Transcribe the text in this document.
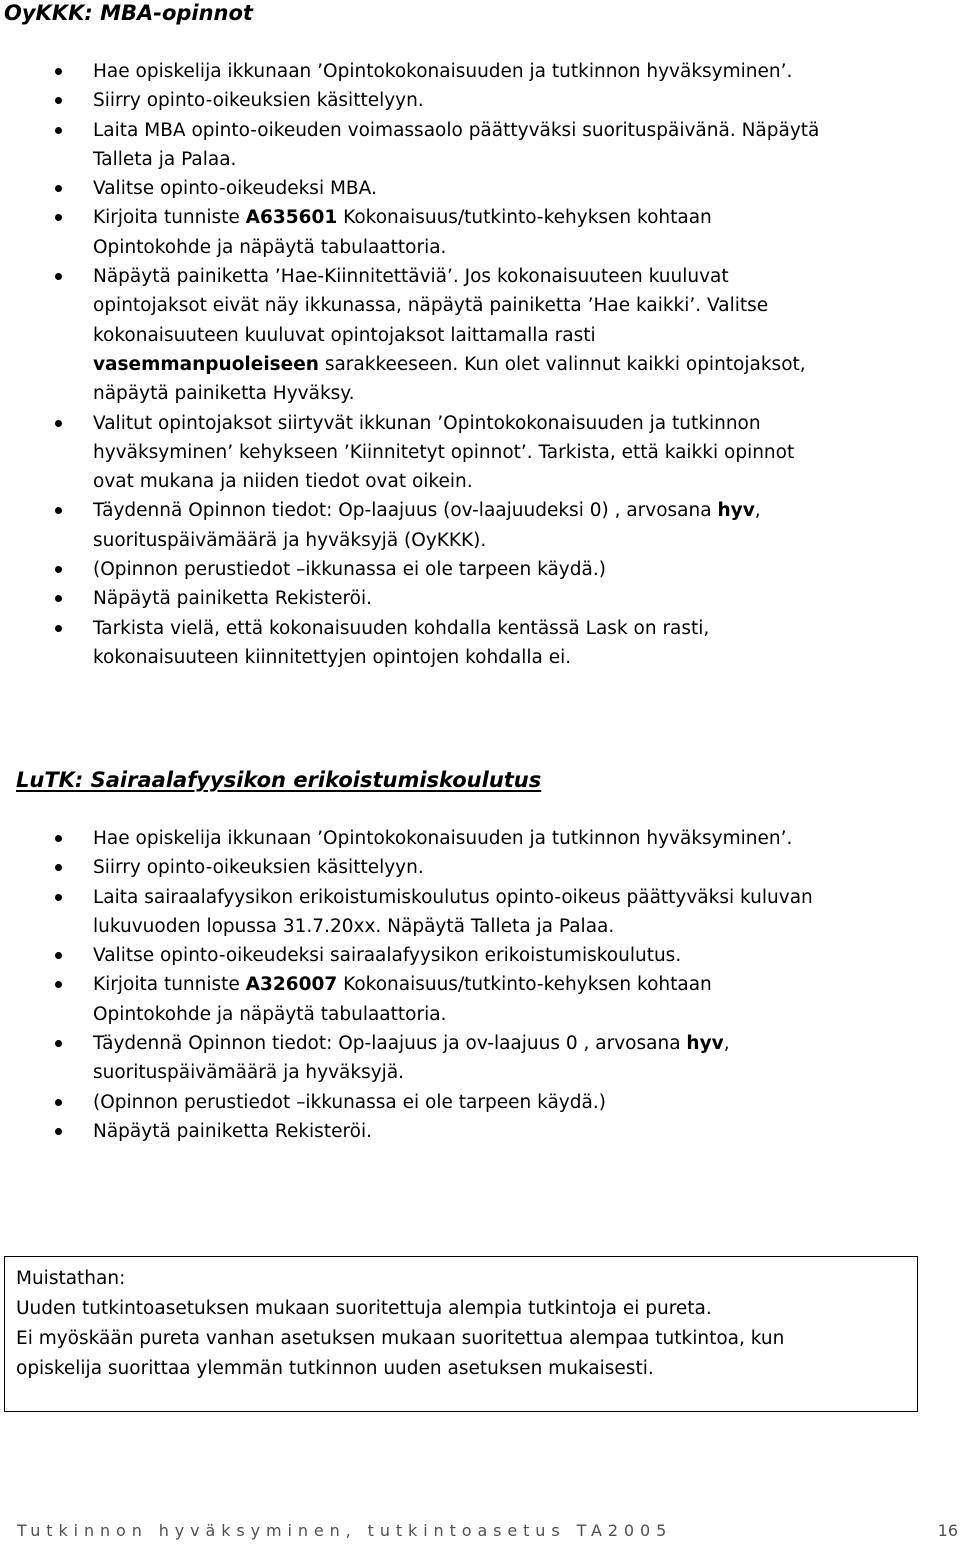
OyKKK: MBA-opinnot
Hae opiskelija ikkunaan ’Opintokokonaisuuden ja tutkinnon hyväksyminen’.
Siirry opinto-oikeuksien käsittelyyn.
Laita MBA opinto-oikeuden voimassaolo päättyväksi suorituspäivänä. Näpäytä
Talleta ja Palaa.
Valitse opinto-oikeudeksi MBA.
Kirjoita tunniste A635601 Kokonaisuus/tutkinto-kehyksen kohtaan
Opintokohde ja näpäytä tabulaattoria.
Näpäytä painiketta ’Hae-Kiinnitettäviä’. Jos kokonaisuuteen kuuluvat
opintojaksot eivät näy ikkunassa, näpäytä painiketta ’Hae kaikki’. Valitse
kokonaisuuteen kuuluvat opintojaksot laittamalla rasti
vasemmanpuoleiseen sarakkeeseen. Kun olet valinnut kaikki opintojaksot,
näpäytä painiketta Hyväksy.
Valitut opintojaksot siirtyvät ikkunan ’Opintokokonaisuuden ja tutkinnon
hyväksyminen’ kehykseen ’Kiinnitetyt opinnot’. Tarkista, että kaikki opinnot
ovat mukana ja niiden tiedot ovat oikein.
Täydennä Opinnon tiedot: Op-laajuus (ov-laajuudeksi 0) , arvosana hyv,
suorituspäivämäärä ja hyväksyjä (OyKKK).
(Opinnon perustiedot –ikkunassa ei ole tarpeen käydä.)
Näpäytä painiketta Rekisteröi.
Tarkista vielä, että kokonaisuuden kohdalla kentässä Lask on rasti,
kokonaisuuteen kiinnitettyjen opintojen kohdalla ei.
LuTK: Sairaalafyysikon erikoistumiskoulutus
Hae opiskelija ikkunaan ’Opintokokonaisuuden ja tutkinnon hyväksyminen’.
Siirry opinto-oikeuksien käsittelyyn.
Laita sairaalafyysikon erikoistumiskoulutus opinto-oikeus päättyväksi kuluvan
lukuvuoden lopussa 31.7.20xx. Näpäytä Talleta ja Palaa.
Valitse opinto-oikeudeksi sairaalafyysikon erikoistumiskoulutus.
Kirjoita tunniste A326007 Kokonaisuus/tutkinto-kehyksen kohtaan
Opintokohde ja näpäytä tabulaattoria.
Täydennä Opinnon tiedot: Op-laajuus ja ov-laajuus 0 , arvosana hyv,
suorituspäivämäärä ja hyväksyjä.
(Opinnon perustiedot –ikkunassa ei ole tarpeen käydä.)
Näpäytä painiketta Rekisteröi.
Muistathan:
Uuden tutkintoasetuksen mukaan suoritettuja alempia tutkintoja ei pureta.
Ei myöskään pureta vanhan asetuksen mukaan suoritettua alempaa tutkintoa, kun
opiskelija suorittaa ylemmän tutkinnon uuden asetuksen mukaisesti.
Tutkinnon hyväksyminen, tutkintoasetus TA2005	16
